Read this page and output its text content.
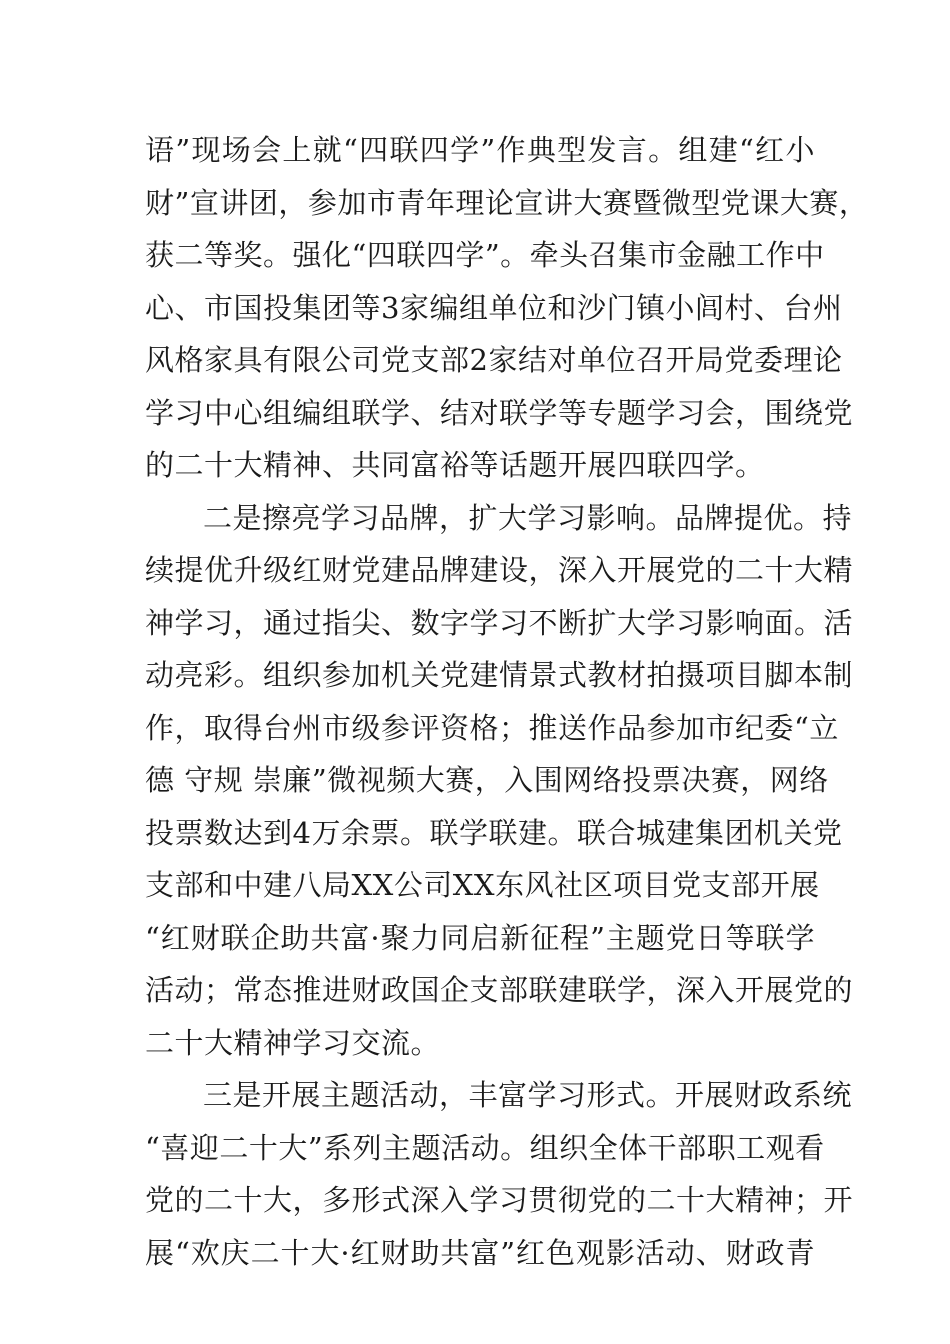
语”现场会上就“四联四学”作典型发言。组建“红小
财”宣讲团，参加市青年理论宣讲大赛暨微型党课大赛，
获二等奖。强化“四联四学”。牵头召集市金融工作中
心、市国投集团等3家编组单位和沙门镇小闾村、台州
风格家具有限公司党支部2家结对单位召开局党委理论
学习中心组编组联学、结对联学等专题学习会，围绕党
的二十大精神、共同富裕等话题开展四联四学。
二是擦亮学习品牌，扩大学习影响。品牌提优。持
续提优升级红财党建品牌建设，深入开展党的二十大精
神学习，通过指尖、数字学习不断扩大学习影响面。活
动亮彩。组织参加机关党建情景式教材拍摄项目脚本制
作，取得台州市级参评资格；推送作品参加市纪委“立
德 守规 崇廉”微视频大赛，入围网络投票决赛，网络
投票数达到4万余票。联学联建。联合城建集团机关党
支部和中建八局XX公司XX东风社区项目党支部开展
“红财联企助共富·聚力同启新征程”主题党日等联学
活动；常态推进财政国企支部联建联学，深入开展党的
二十大精神学习交流。
三是开展主题活动，丰富学习形式。开展财政系统
“喜迎二十大”系列主题活动。组织全体干部职工观看
党的二十大，多形式深入学习贯彻党的二十大精神；开
展“欢庆二十大·红财助共富”红色观影活动、财政青
